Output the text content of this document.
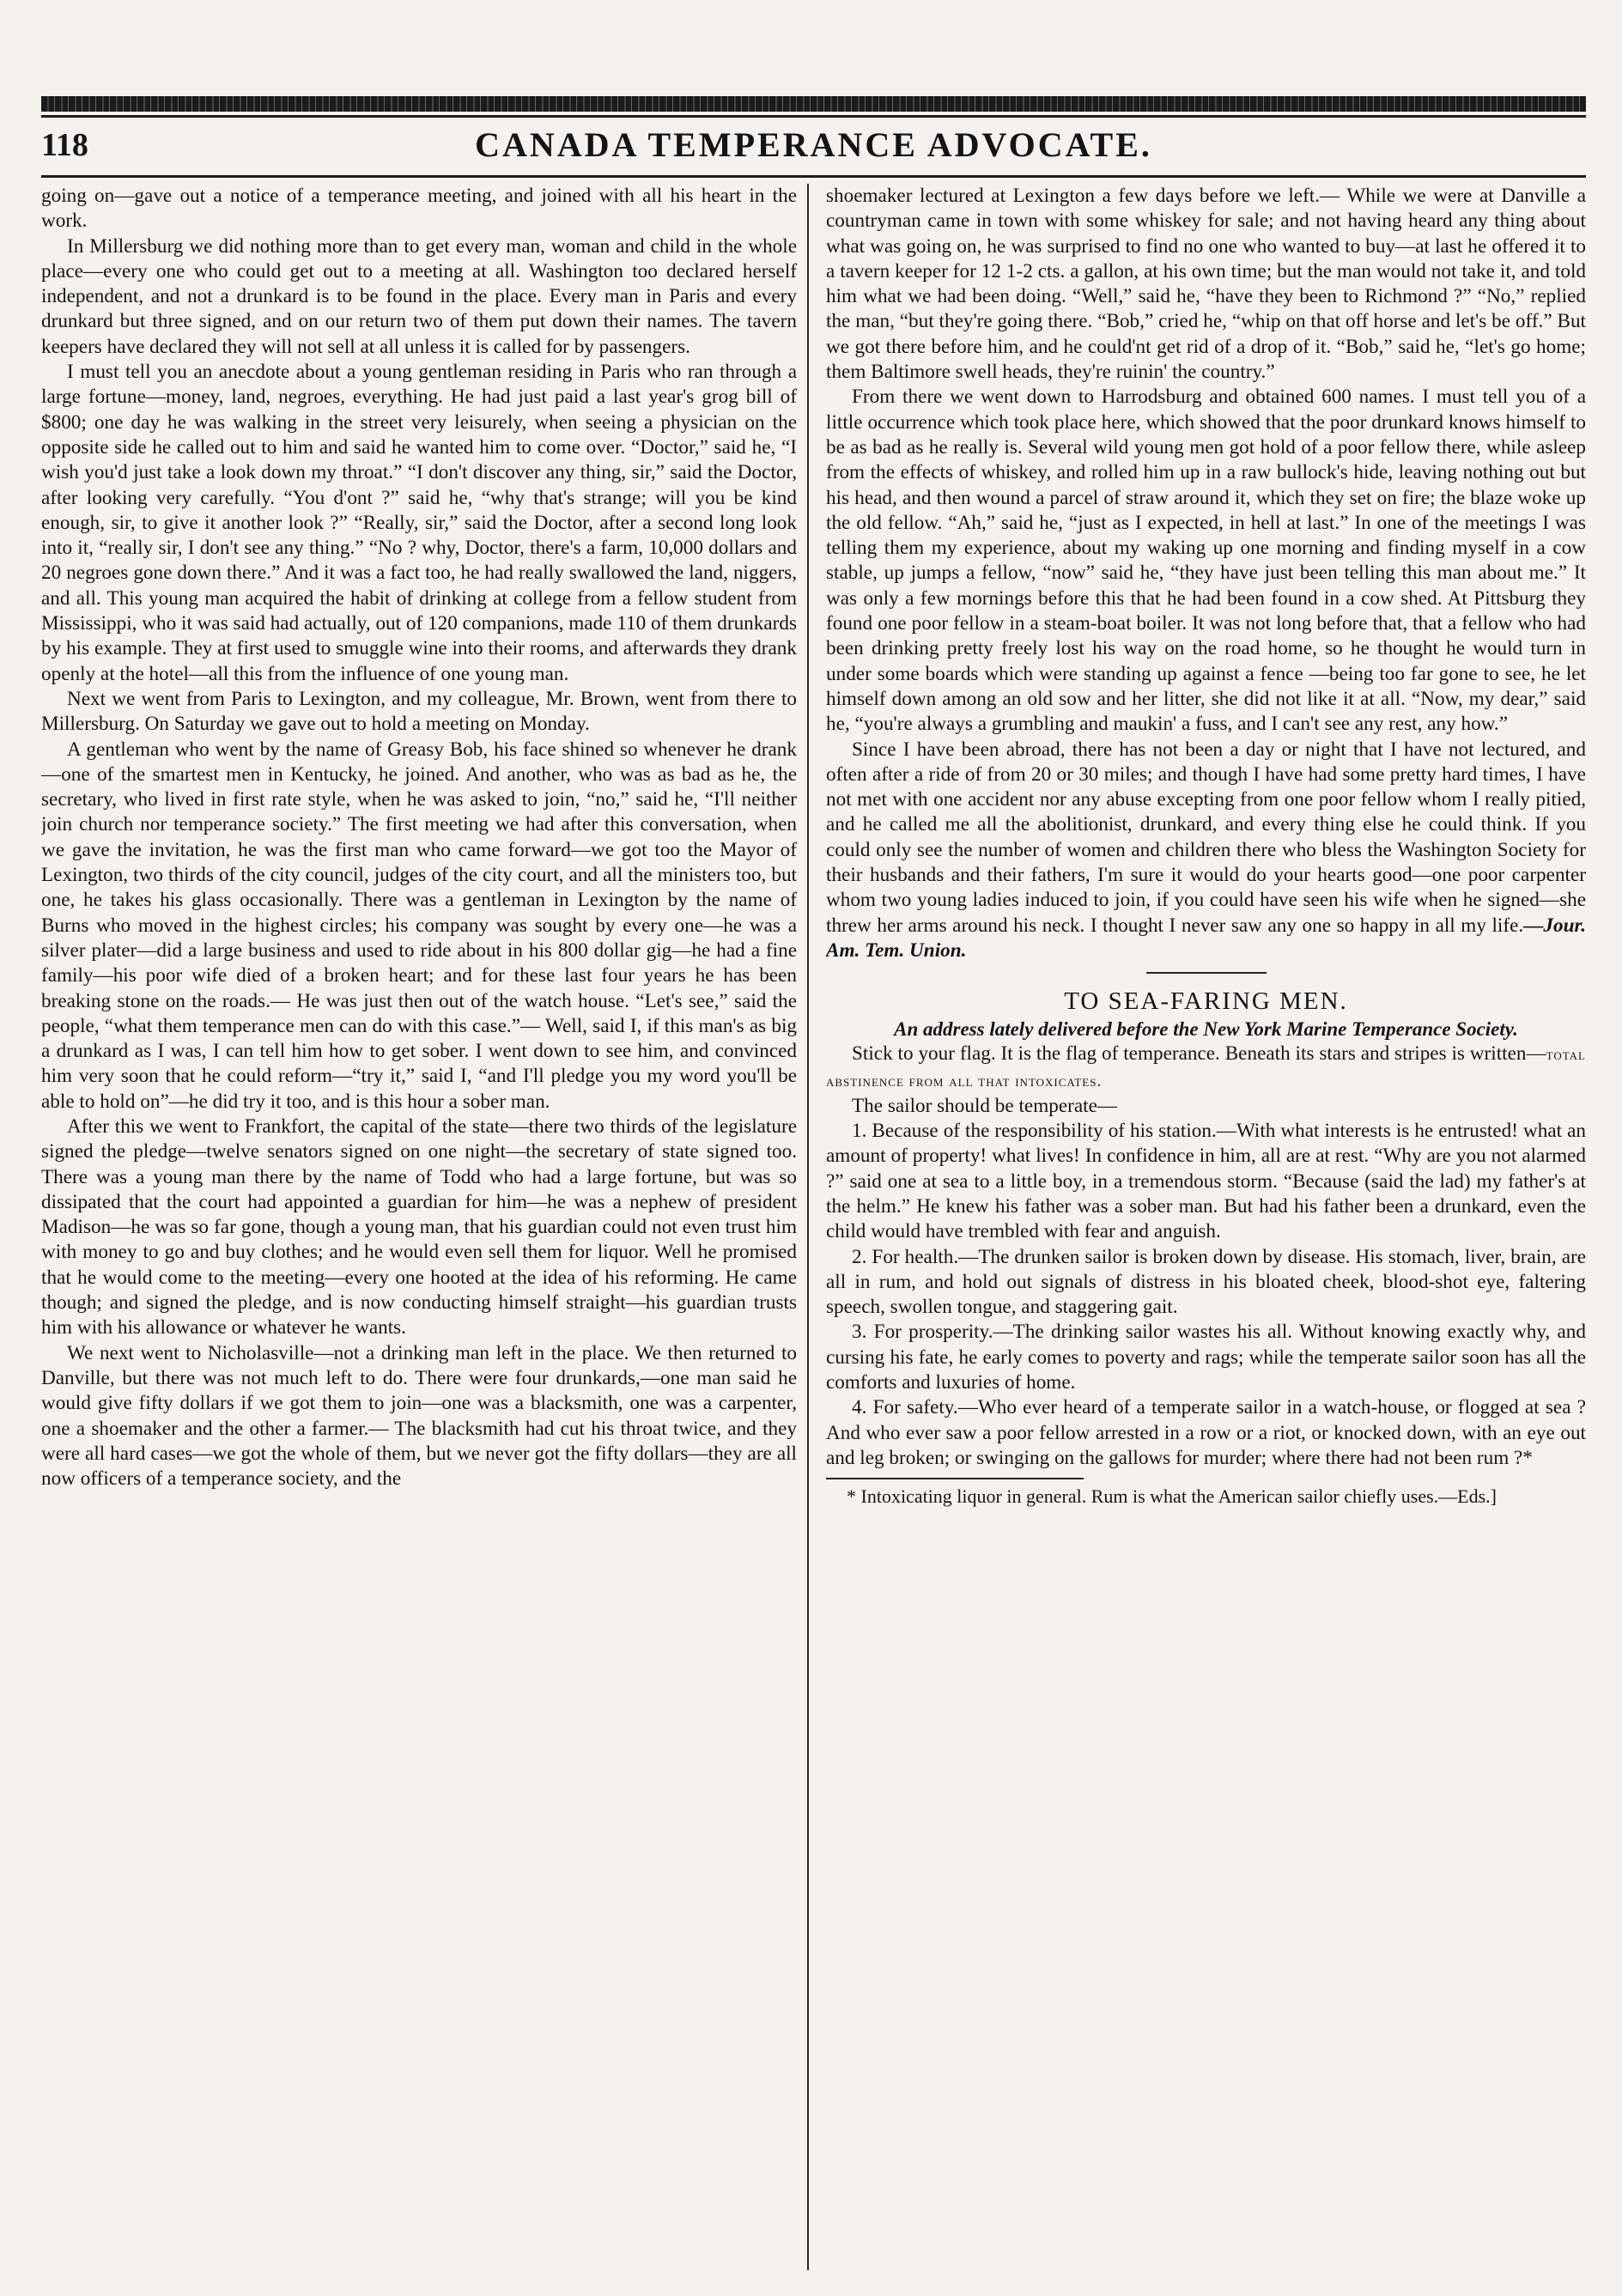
118	CANADA TEMPERANCE ADVOCATE.

going on—gave out a notice of a temperance meeting, and joined with all his heart in the work.

In Millersburg we did nothing more than to get every man, woman and child in the whole place—every one who could get out to a meeting at all. Washington too declared herself independent, and not a drunkard is to be found in the place. Every man in Paris and every drunkard but three signed, and on our return two of them put down their names. The tavern keepers have declared they will not sell at all unless it is called for by passengers.

I must tell you an anecdote about a young gentleman residing in Paris who ran through a large fortune—money, land, negroes, everything. He had just paid a last year's grog bill of $800; one day he was walking in the street very leisurely, when seeing a physician on the opposite side he called out to him and said he wanted him to come over. “Doctor,” said he, “I wish you'd just take a look down my throat.” “I don't discover any thing, sir,” said the Doctor, after looking very carefully. “You d'ont ?” said he, “why that's strange; will you be kind enough, sir, to give it another look ?” “Really, sir,” said the Doctor, after a second long look into it, “really sir, I don't see any thing.” “No ? why, Doctor, there's a farm, 10,000 dollars and 20 negroes gone down there.” And it was a fact too, he had really swallowed the land, niggers, and all. This young man acquired the habit of drinking at college from a fellow student from Mississippi, who it was said had actually, out of 120 companions, made 110 of them drunkards by his example. They at first used to smuggle wine into their rooms, and afterwards they drank openly at the hotel—all this from the influence of one young man.

Next we went from Paris to Lexington, and my colleague, Mr. Brown, went from there to Millersburg. On Saturday we gave out to hold a meeting on Monday.

A gentleman who went by the name of Greasy Bob, his face shined so whenever he drank—one of the smartest men in Kentucky, he joined. And another, who was as bad as he, the secretary, who lived in first rate style, when he was asked to join, “no,” said he, “I'll neither join church nor temperance society.” The first meeting we had after this conversation, when we gave the invitation, he was the first man who came forward—we got too the Mayor of Lexington, two thirds of the city council, judges of the city court, and all the ministers too, but one, he takes his glass occasionally. There was a gentleman in Lexington by the name of Burns who moved in the highest circles; his company was sought by every one—he was a silver plater—did a large business and used to ride about in his 800 dollar gig—he had a fine family—his poor wife died of a broken heart; and for these last four years he has been breaking stone on the roads.— He was just then out of the watch house. “Let's see,” said the people, “what them temperance men can do with this case.”— Well, said I, if this man's as big a drunkard as I was, I can tell him how to get sober. I went down to see him, and convinced him very soon that he could reform—“try it,” said I, “and I'll pledge you my word you'll be able to hold on”—he did try it too, and is this hour a sober man.

After this we went to Frankfort, the capital of the state—there two thirds of the legislature signed the pledge—twelve senators signed on one night—the secretary of state signed too. There was a young man there by the name of Todd who had a large fortune, but was so dissipated that the court had appointed a guardian for him—he was a nephew of president Madison—he was so far gone, though a young man, that his guardian could not even trust him with money to go and buy clothes; and he would even sell them for liquor. Well he promised that he would come to the meeting—every one hooted at the idea of his reforming. He came though; and signed the pledge, and is now conducting himself straight—his guardian trusts him with his allowance or whatever he wants.

We next went to Nicholasville—not a drinking man left in the place. We then returned to Danville, but there was not much left to do. There were four drunkards,—one man said he would give fifty dollars if we got them to join—one was a blacksmith, one was a carpenter, one a shoemaker and the other a farmer.— The blacksmith had cut his throat twice, and they were all hard cases—we got the whole of them, but we never got the fifty dollars—they are all now officers of a temperance society, and the

shoemaker lectured at Lexington a few days before we left.— While we were at Danville a countryman came in town with some whiskey for sale; and not having heard any thing about what was going on, he was surprised to find no one who wanted to buy—at last he offered it to a tavern keeper for 12 1-2 cts. a gallon, at his own time; but the man would not take it, and told him what we had been doing. “Well,” said he, “have they been to Richmond ?” “No,” replied the man, “but they're going there. “Bob,” cried he, “whip on that off horse and let's be off.” But we got there before him, and he could'nt get rid of a drop of it. “Bob,” said he, “let's go home; them Baltimore swell heads, they're ruinin' the country.”

From there we went down to Harrodsburg and obtained 600 names. I must tell you of a little occurrence which took place here, which showed that the poor drunkard knows himself to be as bad as he really is. Several wild young men got hold of a poor fellow there, while asleep from the effects of whiskey, and rolled him up in a raw bullock's hide, leaving nothing out but his head, and then wound a parcel of straw around it, which they set on fire; the blaze woke up the old fellow. “Ah,” said he, “just as I expected, in hell at last.” In one of the meetings I was telling them my experience, about my waking up one morning and finding myself in a cow stable, up jumps a fellow, “now” said he, “they have just been telling this man about me.” It was only a few mornings before this that he had been found in a cow shed. At Pittsburg they found one poor fellow in a steam-boat boiler. It was not long before that, that a fellow who had been drinking pretty freely lost his way on the road home, so he thought he would turn in under some boards which were standing up against a fence —being too far gone to see, he let himself down among an old sow and her litter, she did not like it at all. “Now, my dear,” said he, “you're always a grumbling and maukin' a fuss, and I can't see any rest, any how.”

Since I have been abroad, there has not been a day or night that I have not lectured, and often after a ride of from 20 or 30 miles; and though I have had some pretty hard times, I have not met with one accident nor any abuse excepting from one poor fellow whom I really pitied, and he called me all the abolitionist, drunkard, and every thing else he could think. If you could only see the number of women and children there who bless the Washington Society for their husbands and their fathers, I'm sure it would do your hearts good—one poor carpenter whom two young ladies induced to join, if you could have seen his wife when he signed—she threw her arms around his neck. I thought I never saw any one so happy in all my life.—Jour. Am. Tem. Union.

TO SEA-FARING MEN.
An address lately delivered before the New York Marine Temperance Society.

Stick to your flag. It is the flag of temperance. Beneath its stars and stripes is written—total abstinence from all that intoxicates.

The sailor should be temperate—

1. Because of the responsibility of his station.—With what interests is he entrusted! what an amount of property! what lives! In confidence in him, all are at rest. “Why are you not alarmed ?” said one at sea to a little boy, in a tremendous storm. “Because (said the lad) my father's at the helm.” He knew his father was a sober man. But had his father been a drunkard, even the child would have trembled with fear and anguish.

2. For health.—The drunken sailor is broken down by disease. His stomach, liver, brain, are all in rum, and hold out signals of distress in his bloated cheek, blood-shot eye, faltering speech, swollen tongue, and staggering gait.

3. For prosperity.—The drinking sailor wastes his all. Without knowing exactly why, and cursing his fate, he early comes to poverty and rags; while the temperate sailor soon has all the comforts and luxuries of home.

4. For safety.—Who ever heard of a temperate sailor in a watch-house, or flogged at sea ? And who ever saw a poor fellow arrested in a row or a riot, or knocked down, with an eye out and leg broken; or swinging on the gallows for murder; where there had not been rum ?*

* Intoxicating liquor in general. Rum is what the American sailor chiefly uses.—Eds.]
